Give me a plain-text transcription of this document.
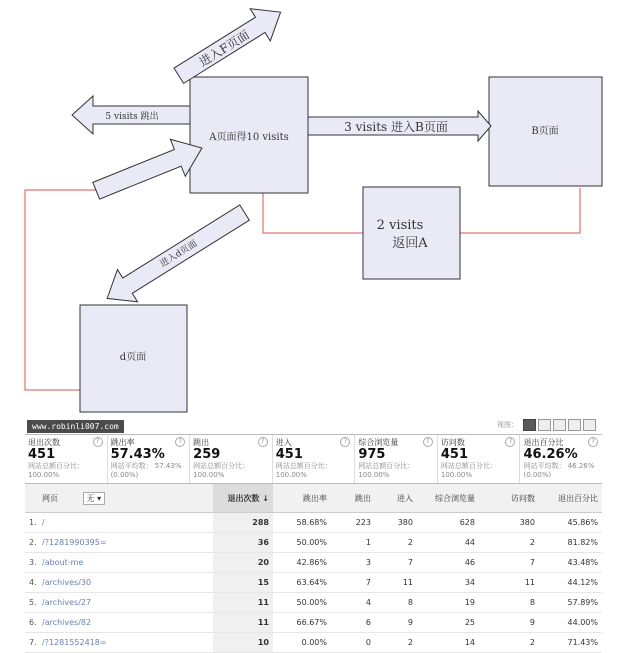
A页面得10 visits
B页面
2 visits
返回A
d页面
3 visits 进入B页面
5 visits 跳出
进入F页面
进入d页面
www.robinli007.com	视图：
退出次数	?
451
网站总额百分比：
100.00%
跳出率	?
57.43%
网站平均数： 57.43%
(0.00%)
跳出	?
259
网站总额百分比：
100.00%
进入	?
451
网站总额百分比：
100.00%
综合浏览量	?
975
网站总额百分比：
100.00%
访问数	?
451
网站总额百分比：
100.00%
退出百分比	?
46.26%
网站平均数： 46.26%
(0.00%)
	网页 无 ▾	退出次数 ↓	跳出率	跳出	进入	综合浏览量	访问数	退出百分比
1.	/	288	58.68%	223	380	628	380	45.86%
2.	/?1281990395=	36	50.00%	1	2	44	2	81.82%
3.	/about-me	20	42.86%	3	7	46	7	43.48%
4.	/archives/30	15	63.64%	7	11	34	11	44.12%
5.	/archives/27	11	50.00%	4	8	19	8	57.89%
6.	/archives/82	11	66.67%	6	9	25	9	44.00%
7.	/?1281552418=	10	0.00%	0	2	14	2	71.43%
